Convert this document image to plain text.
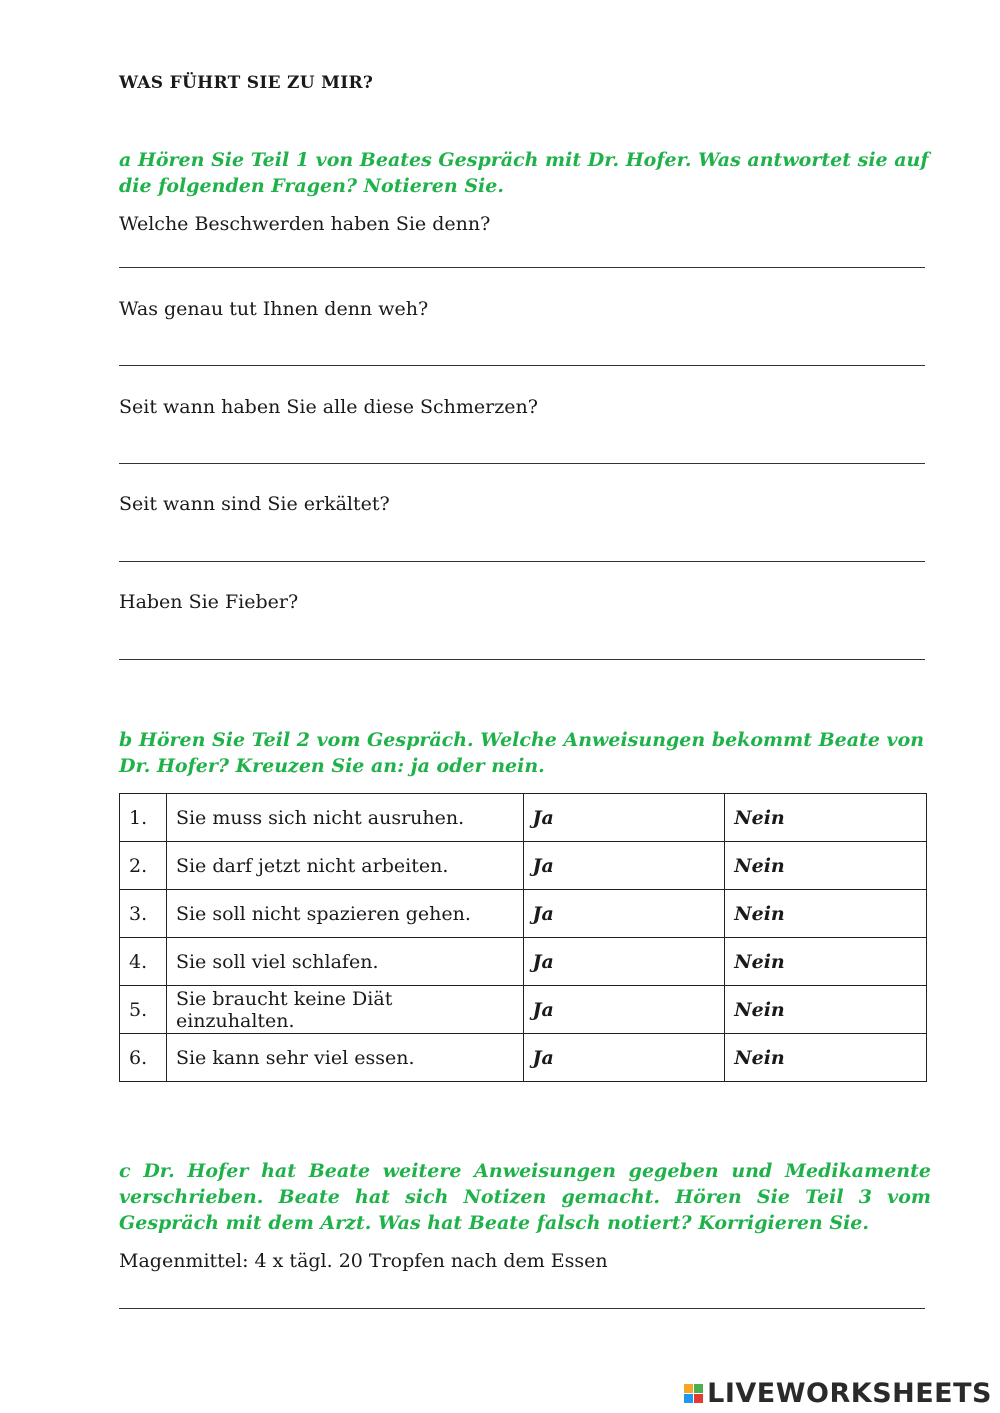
WAS FÜHRT SIE ZU MIR?
a Hören Sie Teil 1 von Beates Gespräch mit Dr. Hofer. Was antwortet sie auf die folgenden Fragen? Notieren Sie.
Welche Beschwerden haben Sie denn?
Was genau tut Ihnen denn weh?
Seit wann haben Sie alle diese Schmerzen?
Seit wann sind Sie erkältet?
Haben Sie Fieber?
b Hören Sie Teil 2 vom Gespräch. Welche Anweisungen bekommt Beate von Dr. Hofer? Kreuzen Sie an: ja oder nein.
1.	Sie muss sich nicht ausruhen.	Ja	Nein
2.	Sie darf jetzt nicht arbeiten.	Ja	Nein
3.	Sie soll nicht spazieren gehen.	Ja	Nein
4.	Sie soll viel schlafen.	Ja	Nein
5.	Sie braucht keine Diät einzuhalten.	Ja	Nein
6.	Sie kann sehr viel essen.	Ja	Nein
c Dr. Hofer hat Beate weitere Anweisungen gegeben und Medikamente verschrieben. Beate hat sich Notizen gemacht. Hören Sie Teil 3 vom Gespräch mit dem Arzt. Was hat Beate falsch notiert? Korrigieren Sie.
Magenmittel: 4 x tägl. 20 Tropfen nach dem Essen
LIVEWORKSHEETS
